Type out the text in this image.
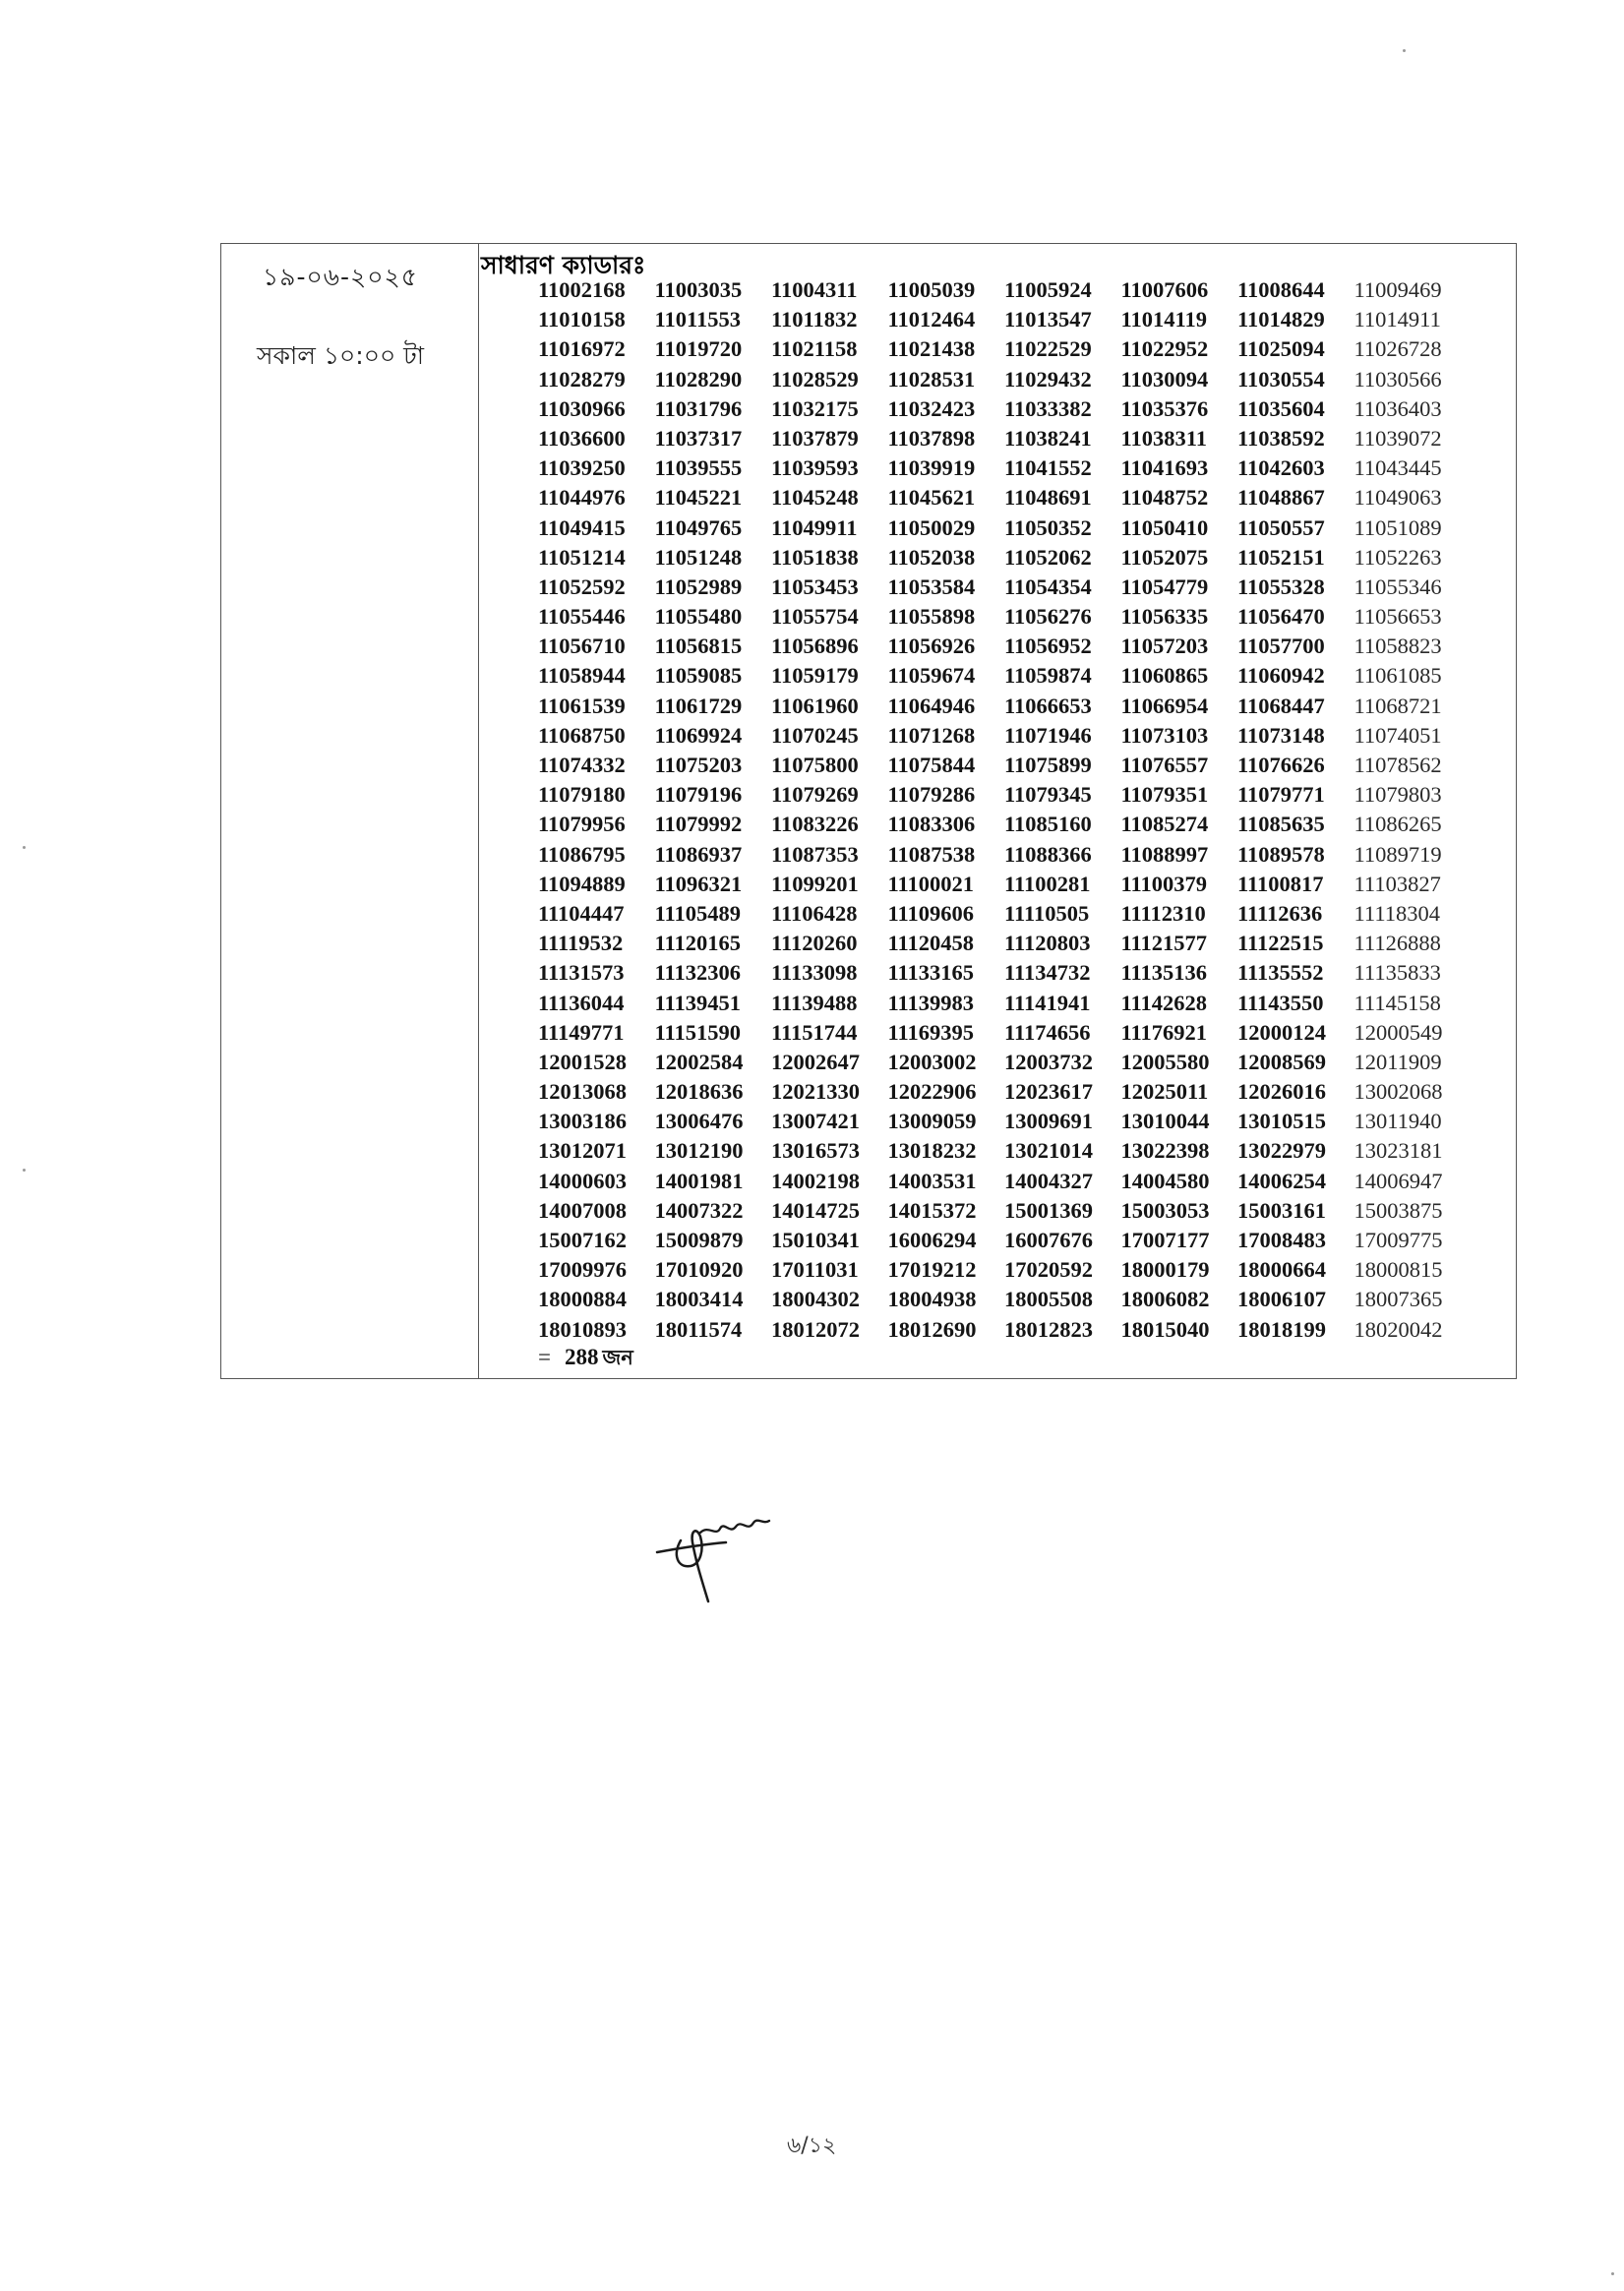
১৯-০৬-২০২৫
সকাল ১০:০০ টা
সাধারণ ক্যাডারঃ
11002168	11003035	11004311	11005039	11005924	11007606	11008644	11009469
11010158	11011553	11011832	11012464	11013547	11014119	11014829	11014911
11016972	11019720	11021158	11021438	11022529	11022952	11025094	11026728
11028279	11028290	11028529	11028531	11029432	11030094	11030554	11030566
11030966	11031796	11032175	11032423	11033382	11035376	11035604	11036403
11036600	11037317	11037879	11037898	11038241	11038311	11038592	11039072
11039250	11039555	11039593	11039919	11041552	11041693	11042603	11043445
11044976	11045221	11045248	11045621	11048691	11048752	11048867	11049063
11049415	11049765	11049911	11050029	11050352	11050410	11050557	11051089
11051214	11051248	11051838	11052038	11052062	11052075	11052151	11052263
11052592	11052989	11053453	11053584	11054354	11054779	11055328	11055346
11055446	11055480	11055754	11055898	11056276	11056335	11056470	11056653
11056710	11056815	11056896	11056926	11056952	11057203	11057700	11058823
11058944	11059085	11059179	11059674	11059874	11060865	11060942	11061085
11061539	11061729	11061960	11064946	11066653	11066954	11068447	11068721
11068750	11069924	11070245	11071268	11071946	11073103	11073148	11074051
11074332	11075203	11075800	11075844	11075899	11076557	11076626	11078562
11079180	11079196	11079269	11079286	11079345	11079351	11079771	11079803
11079956	11079992	11083226	11083306	11085160	11085274	11085635	11086265
11086795	11086937	11087353	11087538	11088366	11088997	11089578	11089719
11094889	11096321	11099201	11100021	11100281	11100379	11100817	11103827
11104447	11105489	11106428	11109606	11110505	11112310	11112636	11118304
11119532	11120165	11120260	11120458	11120803	11121577	11122515	11126888
11131573	11132306	11133098	11133165	11134732	11135136	11135552	11135833
11136044	11139451	11139488	11139983	11141941	11142628	11143550	11145158
11149771	11151590	11151744	11169395	11174656	11176921	12000124	12000549
12001528	12002584	12002647	12003002	12003732	12005580	12008569	12011909
12013068	12018636	12021330	12022906	12023617	12025011	12026016	13002068
13003186	13006476	13007421	13009059	13009691	13010044	13010515	13011940
13012071	13012190	13016573	13018232	13021014	13022398	13022979	13023181
14000603	14001981	14002198	14003531	14004327	14004580	14006254	14006947
14007008	14007322	14014725	14015372	15001369	15003053	15003161	15003875
15007162	15009879	15010341	16006294	16007676	17007177	17008483	17009775
17009976	17010920	17011031	17019212	17020592	18000179	18000664	18000815
18000884	18003414	18004302	18004938	18005508	18006082	18006107	18007365
18010893	18011574	18012072	18012690	18012823	18015040	18018199	18020042
= 288 জন
৬/১২
